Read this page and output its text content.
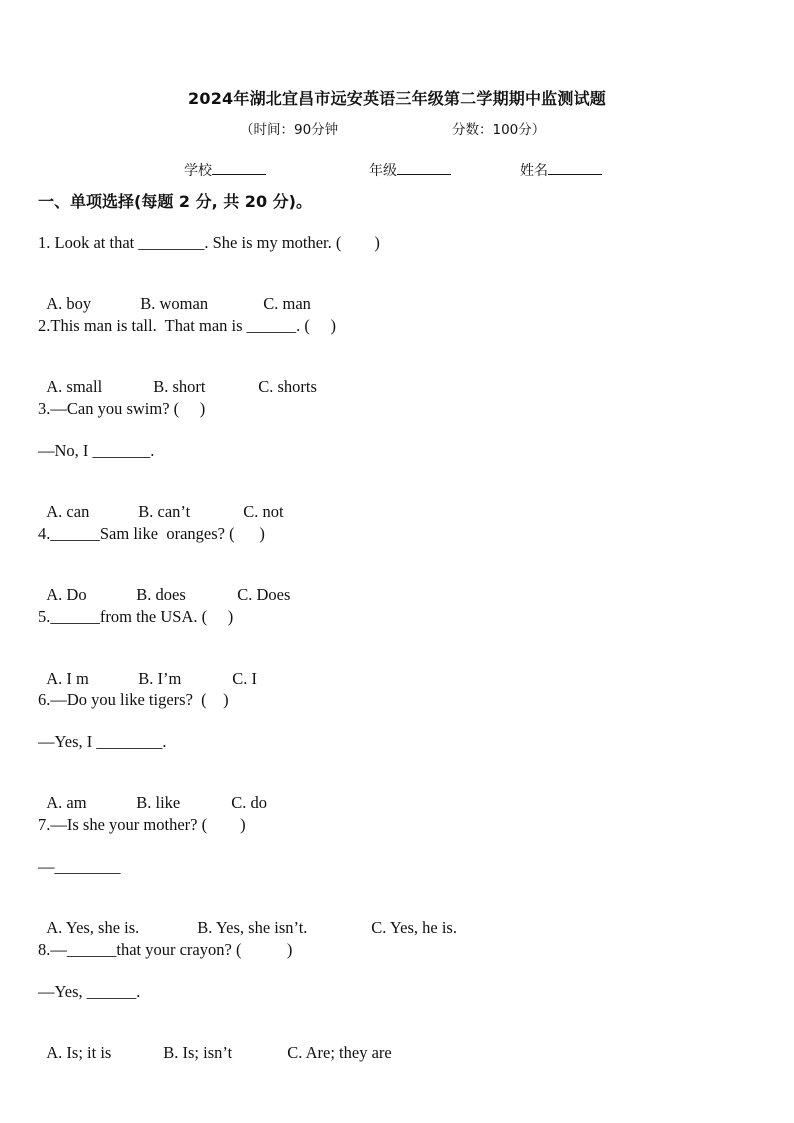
2024年湖北宜昌市远安英语三年级第二学期期中监测试题
（时间：90分钟	分数：100分）
学校	年级	姓名
一、单项选择(每题 2 分, 共 20 分)。
1. Look at that ________. She is my mother. (        )

A. boy	B. woman	C. man

2.This man is tall.  That man is ______. (     )

A. small	B. short	C. shorts

3.—Can you swim? (     )
—No, I _______.

A. can	B. can’t	C. not

4.______Sam like  oranges? (      )

A. Do	B. does	C. Does

5.______from the USA. (     )

A. I m	B. I’m	C. I

6.—Do you like tigers?  (    )
—Yes, I ________.

A. am	B. like	C. do

7.—Is she your mother? (        )
—________

A. Yes, she is.	B. Yes, she isn’t.	C. Yes, he is.

8.—______that your crayon? (           )
—Yes, ______.

A. Is; it is	B. Is; isn’t	C. Are; they are
